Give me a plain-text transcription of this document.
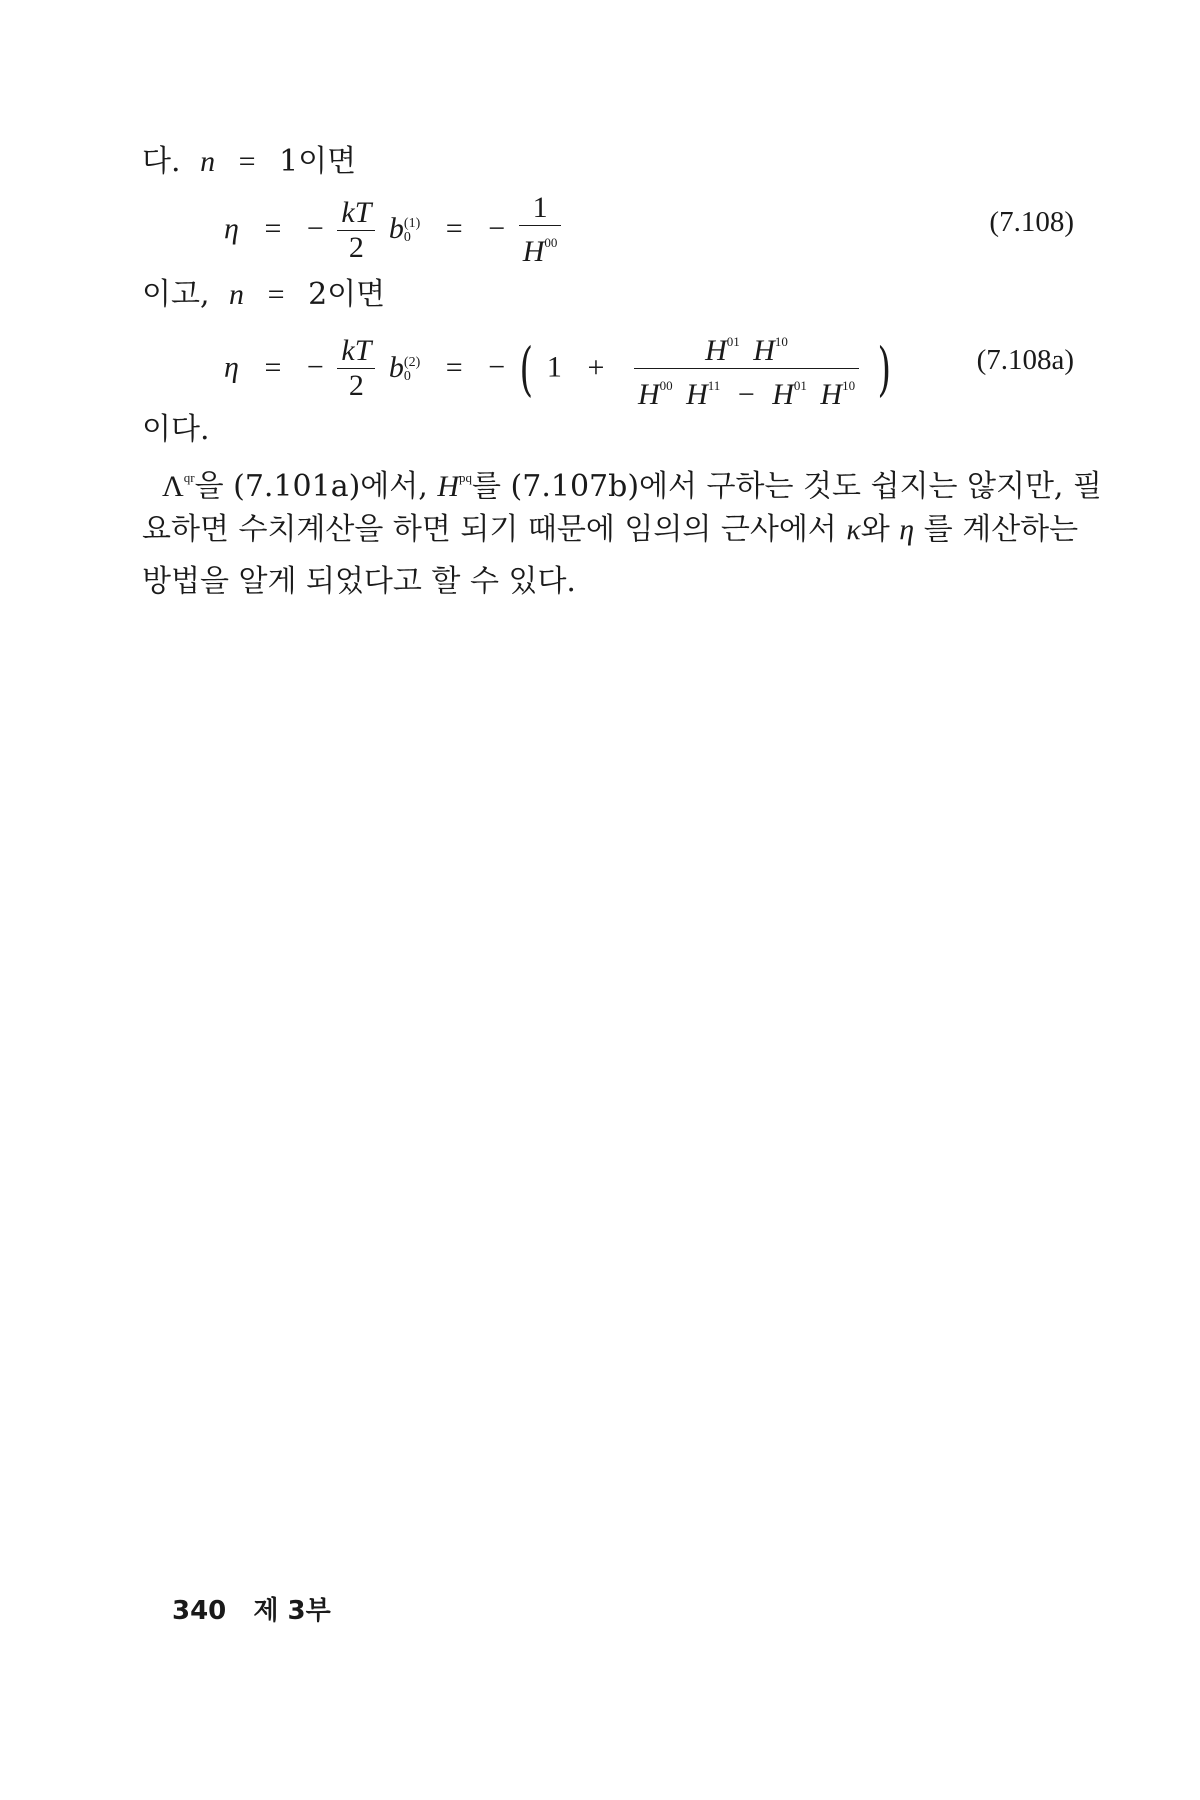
다. n = 1이면
η = − $\frac{kT}{2}$ b (1)
0	= − $\frac{1}{H^{00}}$	(7.108)
이고, n = 2이면
η = − $\frac{kT}{2}$ b (2)
0	= − ( $1 + \frac{H^{01} H^{10}}{H^{00} H^{11} - H^{01} H^{10}}$ )	(7.108a)
이다.
$\Lambda^{qr}$을 (7.101a)에서, $H^{pq}$를 (7.107b)에서 구하는 것도 쉽지는 않지만, 필
요하면 수치계산을 하면 되기 때문에 임의의 근사에서 κ와 η 를 계산하는
방법을 알게 되었다고 할 수 있다.
340 제 3부
